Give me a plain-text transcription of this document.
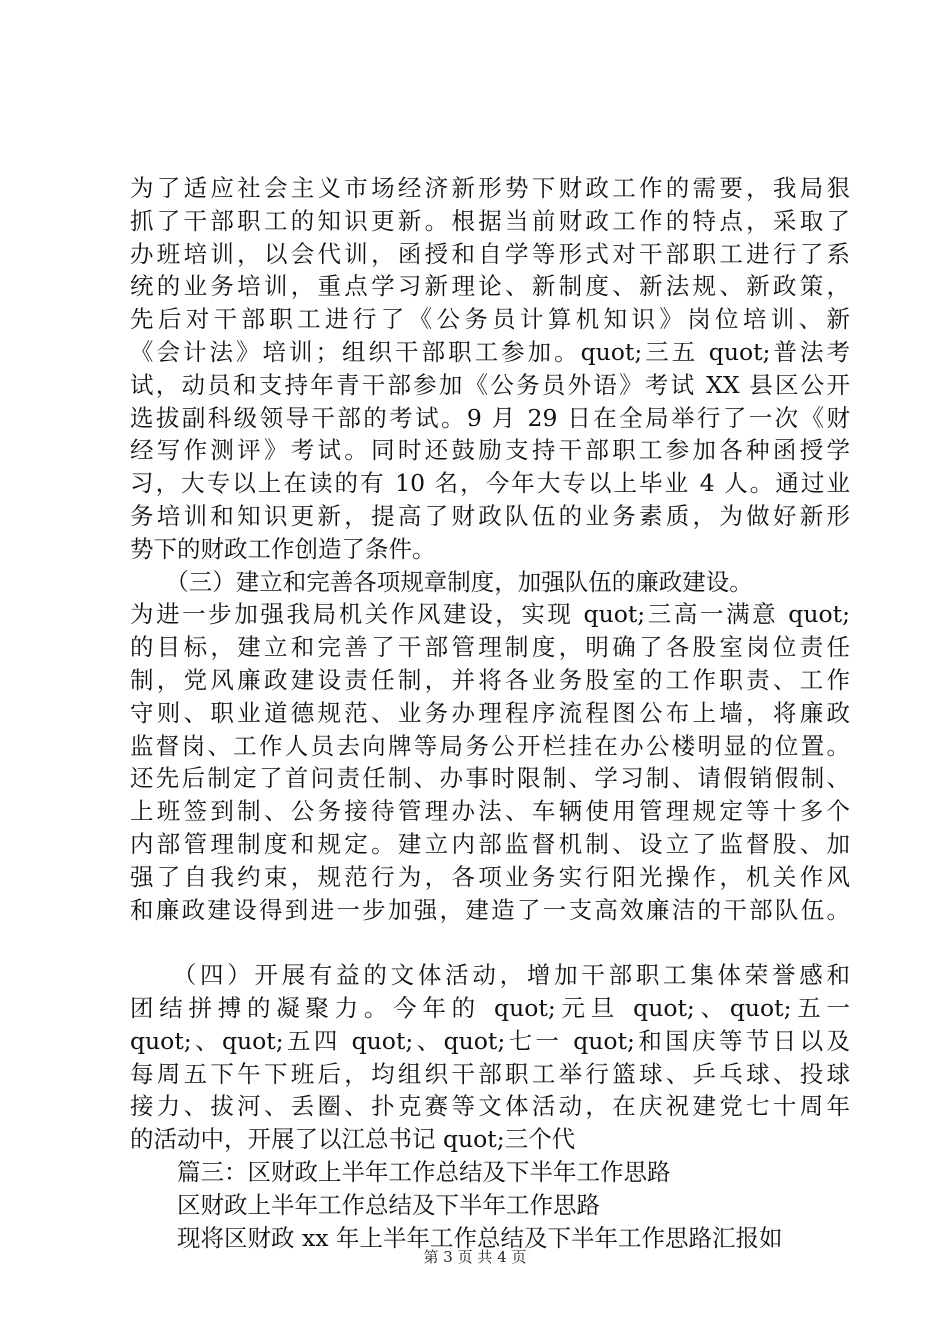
为了适应社会主义市场经济新形势下财政工作的需要，我局狠
抓了干部职工的知识更新。根据当前财政工作的特点，采取了
办班培训，以会代训，函授和自学等形式对干部职工进行了系
统的业务培训，重点学习新理论、新制度、新法规、新政策，
先后对干部职工进行了《公务员计算机知识》岗位培训、新
《会计法》培训；组织干部职工参加。quot;三五 quot;普法考
试，动员和支持年青干部参加《公务员外语》考试 XX 县区公开
选拔副科级领导干部的考试。9 月 29 日在全局举行了一次《财
经写作测评》考试。同时还鼓励支持干部职工参加各种函授学
习，大专以上在读的有 10 名，今年大专以上毕业 4 人。通过业
务培训和知识更新，提高了财政队伍的业务素质，为做好新形
势下的财政工作创造了条件。
　　（三）建立和完善各项规章制度，加强队伍的廉政建设。
为进一步加强我局机关作风建设，实现 quot;三高一满意 quot;
的目标，建立和完善了干部管理制度，明确了各股室岗位责任
制，党风廉政建设责任制，并将各业务股室的工作职责、工作
守则、职业道德规范、业务办理程序流程图公布上墙，将廉政
监督岗、工作人员去向牌等局务公开栏挂在办公楼明显的位置。
还先后制定了首问责任制、办事时限制、学习制、请假销假制、
上班签到制、公务接待管理办法、车辆使用管理规定等十多个
内部管理制度和规定。建立内部监督机制、设立了监督股、加
强了自我约束，规范行为，各项业务实行阳光操作，机关作风
和廉政建设得到进一步加强，建造了一支高效廉洁的干部队伍。
　　（四）开展有益的文体活动，增加干部职工集体荣誉感和
团结拼搏的凝聚力。今年的 quot;元旦 quot;、quot;五一
quot;、quot;五四 quot;、quot;七一 quot;和国庆等节日以及
每周五下午下班后，均组织干部职工举行篮球、乒乓球、投球
接力、拔河、丢圈、扑克赛等文体活动，在庆祝建党七十周年
的活动中，开展了以江总书记 quot;三个代
　　篇三：区财政上半年工作总结及下半年工作思路
　　区财政上半年工作总结及下半年工作思路
　　现将区财政 xx 年上半年工作总结及下半年工作思路汇报如
第 3 页 共 4 页
